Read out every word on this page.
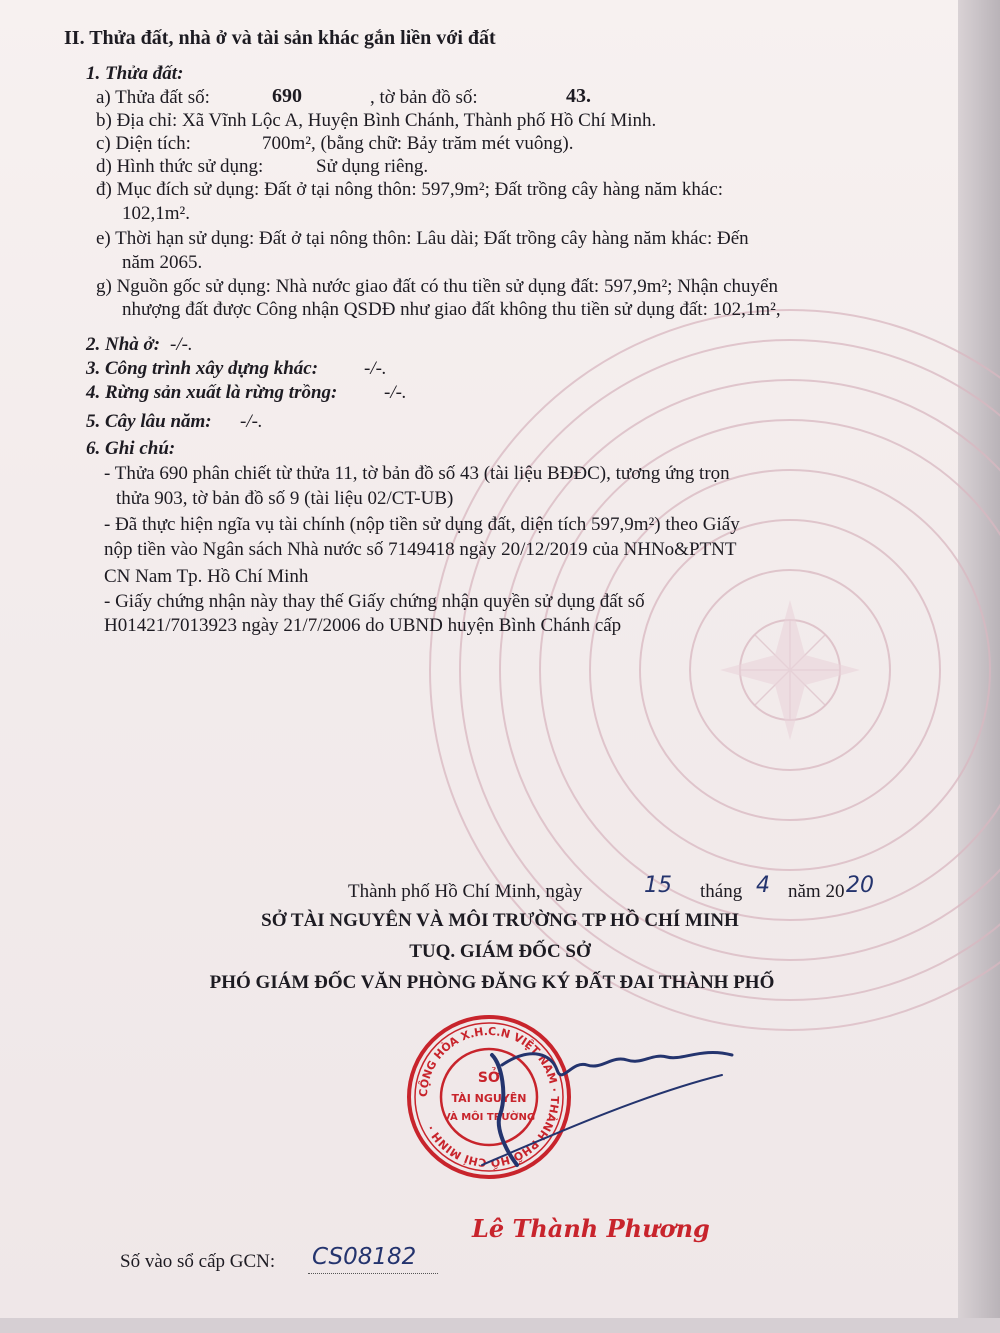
II. Thửa đất, nhà ở và tài sản khác gắn liền với đất
1. Thửa đất:
a) Thửa đất số:	690	, tờ bản đồ số:	43.
b) Địa chỉ: Xã Vĩnh Lộc A, Huyện Bình Chánh, Thành phố Hồ Chí Minh.
c) Diện tích:	700m², (bằng chữ: Bảy trăm mét vuông).
d) Hình thức sử dụng:	Sử dụng riêng.
đ) Mục đích sử dụng: Đất ở tại nông thôn: 597,9m²; Đất trồng cây hàng năm khác:
102,1m².
e) Thời hạn sử dụng: Đất ở tại nông thôn: Lâu dài; Đất trồng cây hàng năm khác: Đến
năm 2065.
g) Nguồn gốc sử dụng: Nhà nước giao đất có thu tiền sử dụng đất: 597,9m²; Nhận chuyển
nhượng đất được Công nhận QSDĐ như giao đất không thu tiền sử dụng đất: 102,1m²,
2. Nhà ở: -/-.
3. Công trình xây dựng khác: -/-.
4. Rừng sản xuất là rừng trồng: -/-.
5. Cây lâu năm: -/-.
6. Ghi chú:
- Thửa 690 phân chiết từ thửa 11, tờ bản đồ số 43 (tài liệu BĐĐC), tương ứng trọn
thửa 903, tờ bản đồ số 9 (tài liệu 02/CT-UB)
- Đã thực hiện ngĩa vụ tài chính (nộp tiền sử dụng đất, diện tích 597,9m²) theo Giấy
nộp tiền vào Ngân sách Nhà nước số 7149418 ngày 20/12/2019 của NHNo&PTNT
CN Nam Tp. Hồ Chí Minh
- Giấy chứng nhận này thay thế Giấy chứng nhận quyền sử dụng đất số
H01421/7013923 ngày 21/7/2006 do UBND huyện Bình Chánh cấp
Thành phố Hồ Chí Minh, ngày	15 tháng 4 năm 20 20
SỞ TÀI NGUYÊN VÀ MÔI TRƯỜNG TP HỒ CHÍ MINH
TUQ. GIÁM ĐỐC SỞ
PHÓ GIÁM ĐỐC VĂN PHÒNG ĐĂNG KÝ ĐẤT ĐAI THÀNH PHỐ
CỘNG HÒA X.H.C.N VIỆT NAM · THÀNH PHỐ HỒ CHÍ MINH ·
SỞ
TÀI NGUYÊN
VÀ MÔI TRƯỜNG
Lê Thành Phương
Số vào sổ cấp GCN: CS08182
